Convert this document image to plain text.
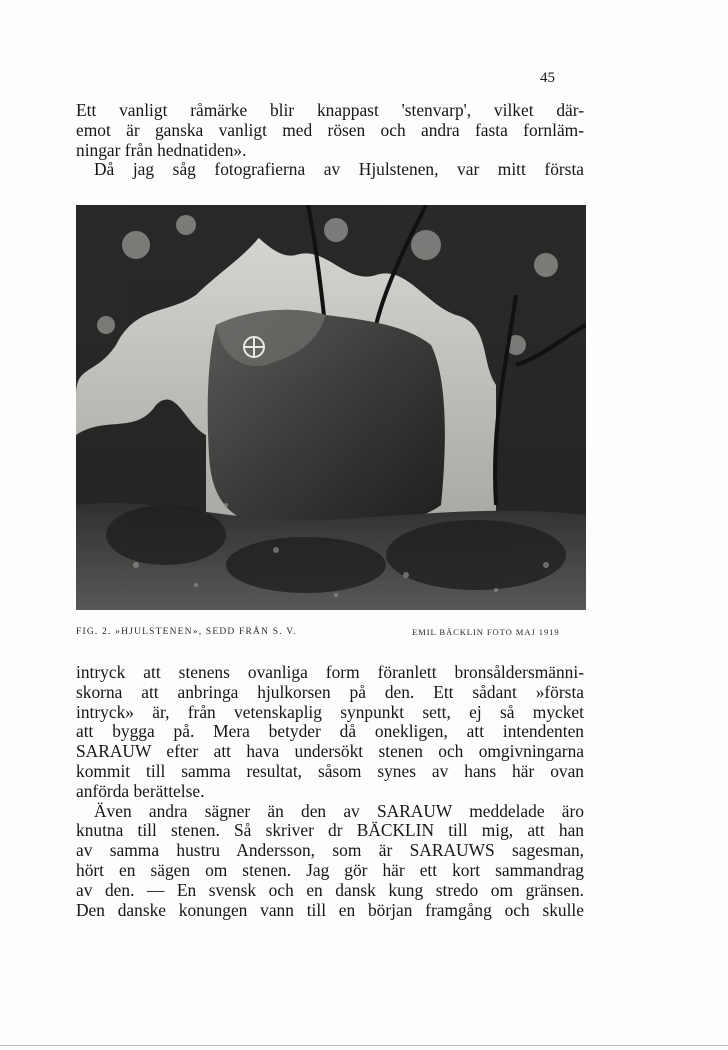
45
Ett vanligt råmärke blir knappast 'stenvarp', vilket där-
emot är ganska vanligt med rösen och andra fasta fornläm-
ningar från hednatiden».
Då jag såg fotografierna av Hjulstenen, var mitt första
FIG. 2. »HJULSTENEN», SEDD FRÅN S. V.	EMIL BÄCKLIN FOTO MAJ 1919
intryck att stenens ovanliga form föranlett bronsåldersmänni-
skorna att anbringa hjulkorsen på den. Ett sådant »första
intryck» är, från vetenskaplig synpunkt sett, ej så mycket
att bygga på. Mera betyder då onekligen, att intendenten
SARAUW efter att hava undersökt stenen och omgivningarna
kommit till samma resultat, såsom synes av hans här ovan
anförda berättelse.
Även andra sägner än den av SARAUW meddelade äro
knutna till stenen. Så skriver dr BÄCKLIN till mig, att han
av samma hustru Andersson, som är SARAUWS sagesman,
hört en sägen om stenen. Jag gör här ett kort sammandrag
av den. — En svensk och en dansk kung stredo om gränsen.
Den danske konungen vann till en början framgång och skulle
